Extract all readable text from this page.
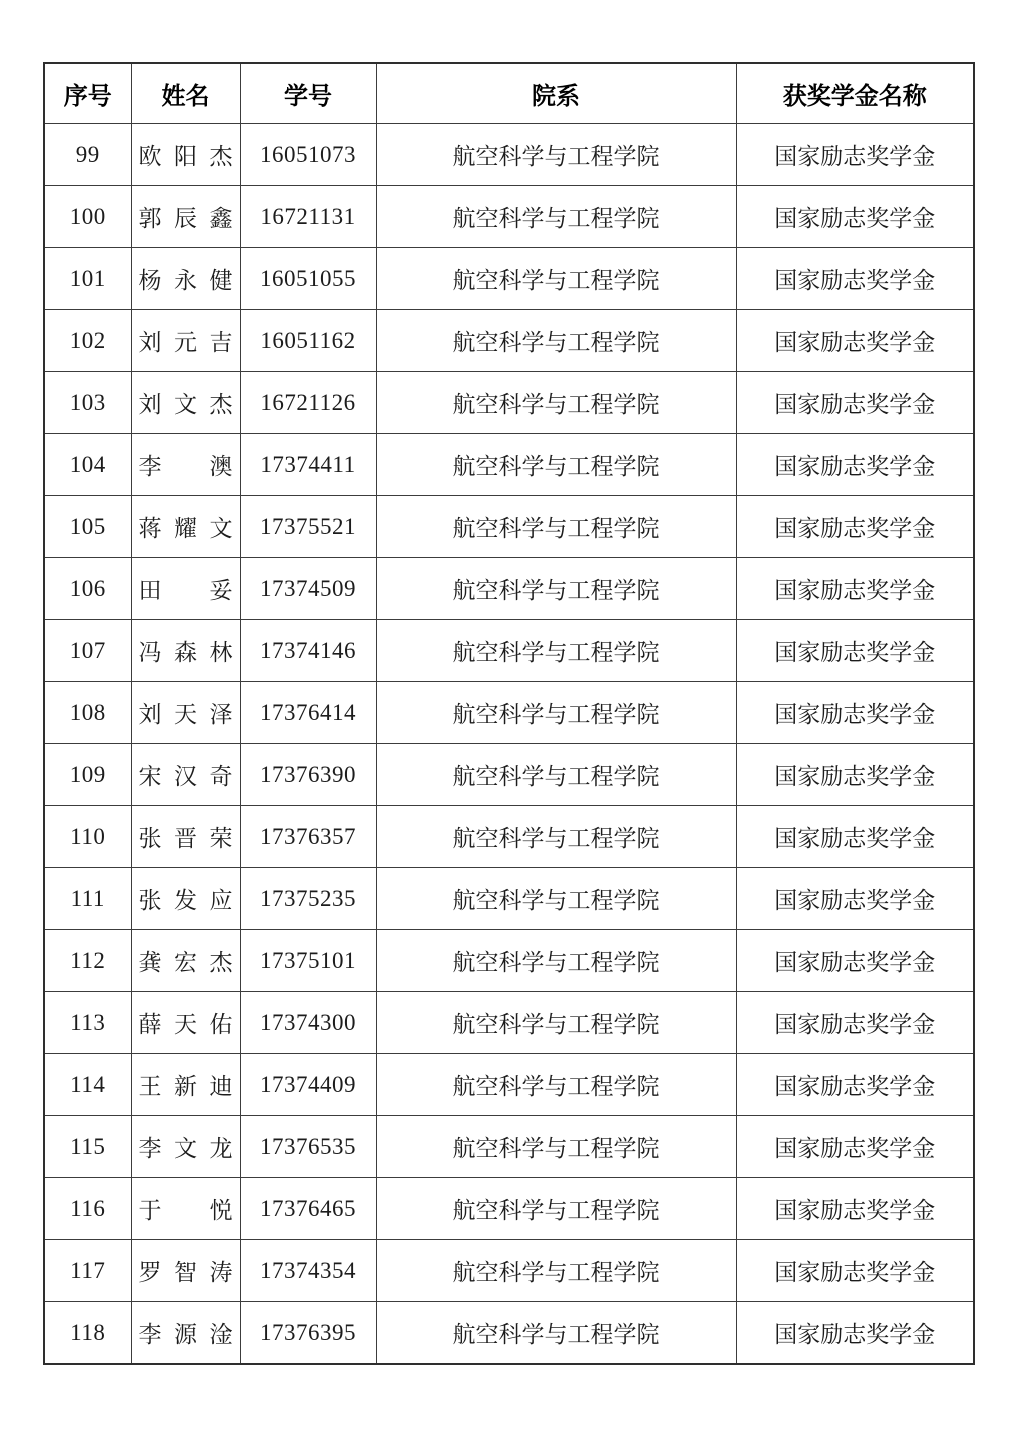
序号	姓名	学号	院系	获奖学金名称
99	欧阳杰	16051073	航空科学与工程学院	国家励志奖学金
100	郭辰鑫	16721131	航空科学与工程学院	国家励志奖学金
101	杨永健	16051055	航空科学与工程学院	国家励志奖学金
102	刘元吉	16051162	航空科学与工程学院	国家励志奖学金
103	刘文杰	16721126	航空科学与工程学院	国家励志奖学金
104	李澳	17374411	航空科学与工程学院	国家励志奖学金
105	蒋耀文	17375521	航空科学与工程学院	国家励志奖学金
106	田妥	17374509	航空科学与工程学院	国家励志奖学金
107	冯森林	17374146	航空科学与工程学院	国家励志奖学金
108	刘天泽	17376414	航空科学与工程学院	国家励志奖学金
109	宋汉奇	17376390	航空科学与工程学院	国家励志奖学金
110	张晋荣	17376357	航空科学与工程学院	国家励志奖学金
111	张发应	17375235	航空科学与工程学院	国家励志奖学金
112	龚宏杰	17375101	航空科学与工程学院	国家励志奖学金
113	薛天佑	17374300	航空科学与工程学院	国家励志奖学金
114	王新迪	17374409	航空科学与工程学院	国家励志奖学金
115	李文龙	17376535	航空科学与工程学院	国家励志奖学金
116	于悦	17376465	航空科学与工程学院	国家励志奖学金
117	罗智涛	17374354	航空科学与工程学院	国家励志奖学金
118	李源淦	17376395	航空科学与工程学院	国家励志奖学金
